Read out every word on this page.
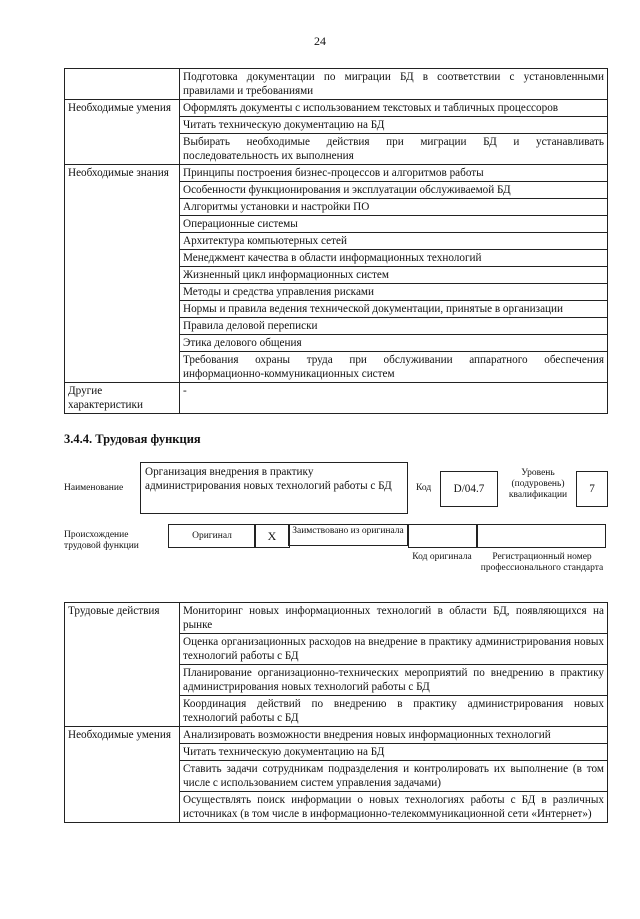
24
	Подготовка документации по миграции БД в соответствии с установленными правилами и требованиями
Необходимые умения	Оформлять документы с использованием текстовых и табличных процессоров
	Читать техническую документацию на БД
	Выбирать необходимые действия при миграции БД и устанавливать последовательность их выполнения
Необходимые знания	Принципы построения бизнес-процессов и алгоритмов работы
	Особенности функционирования и эксплуатации обслуживаемой БД
	Алгоритмы установки и настройки ПО
	Операционные системы
	Архитектура компьютерных сетей
	Менеджмент качества в области информационных технологий
	Жизненный цикл информационных систем
	Методы и средства управления рисками
	Нормы и правила ведения технической документации, принятые в организации
	Правила деловой переписки
	Этика делового общения
	Требования охраны труда при обслуживании аппаратного обеспечения информационно-коммуникационных систем
Другие характеристики	-
3.4.4. Трудовая функция
Наименование
Организация внедрения в практику администрирования новых технологий работы с БД	Код	D/04.7
Уровень (подуровень) квалификации	7
Происхождение трудовой функции
Оригинал	X	Заимствовано из оригинала
Код оригинала	Регистрационный номер профессионального стандарта
Трудовые действия	Мониторинг новых информационных технологий в области БД, появляющихся на рынке
	Оценка организационных расходов на внедрение в практику администрирования новых технологий работы с БД
	Планирование организационно-технических мероприятий по внедрению в практику администрирования новых технологий работы с БД
	Координация действий по внедрению в практику администрирования новых технологий работы с БД
Необходимые умения	Анализировать возможности внедрения новых информационных технологий
	Читать техническую документацию на БД
	Ставить задачи сотрудникам подразделения и контролировать их выполнение (в том числе с использованием систем управления задачами)
	Осуществлять поиск информации о новых технологиях работы с БД в различных источниках (в том числе в информационно-телекоммуникационной сети «Интернет»)
